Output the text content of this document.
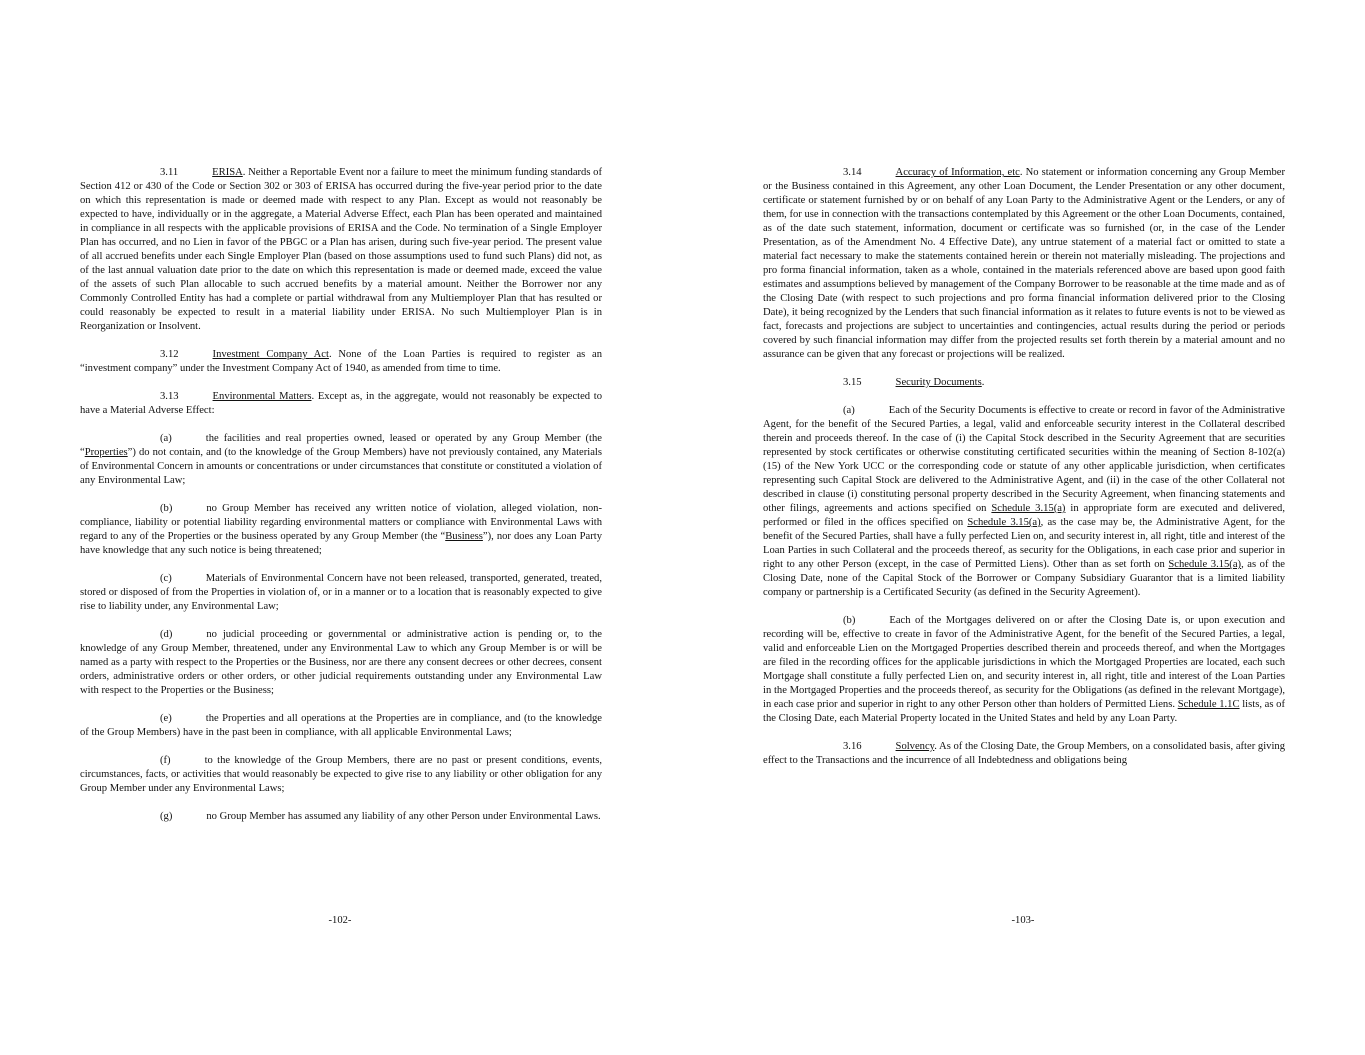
3.11	ERISA. Neither a Reportable Event nor a failure to meet the minimum funding standards of Section 412 or 430 of the Code or Section 302 or 303 of ERISA has occurred during the five-year period prior to the date on which this representation is made or deemed made with respect to any Plan. Except as would not reasonably be expected to have, individually or in the aggregate, a Material Adverse Effect, each Plan has been operated and maintained in compliance in all respects with the applicable provisions of ERISA and the Code. No termination of a Single Employer Plan has occurred, and no Lien in favor of the PBGC or a Plan has arisen, during such five-year period. The present value of all accrued benefits under each Single Employer Plan (based on those assumptions used to fund such Plans) did not, as of the last annual valuation date prior to the date on which this representation is made or deemed made, exceed the value of the assets of such Plan allocable to such accrued benefits by a material amount. Neither the Borrower nor any Commonly Controlled Entity has had a complete or partial withdrawal from any Multiemployer Plan that has resulted or could reasonably be expected to result in a material liability under ERISA. No such Multiemployer Plan is in Reorganization or Insolvent.

3.12	Investment Company Act. None of the Loan Parties is required to register as an “investment company” under the Investment Company Act of 1940, as amended from time to time.

3.13	Environmental Matters. Except as, in the aggregate, would not reasonably be expected to have a Material Adverse Effect:

(a)	the facilities and real properties owned, leased or operated by any Group Member (the “Properties”) do not contain, and (to the knowledge of the Group Members) have not previously contained, any Materials of Environmental Concern in amounts or concentrations or under circumstances that constitute or constituted a violation of any Environmental Law;

(b)	no Group Member has received any written notice of violation, alleged violation, non-compliance, liability or potential liability regarding environmental matters or compliance with Environmental Laws with regard to any of the Properties or the business operated by any Group Member (the “Business”), nor does any Loan Party have knowledge that any such notice is being threatened;

(c)	Materials of Environmental Concern have not been released, transported, generated, treated, stored or disposed of from the Properties in violation of, or in a manner or to a location that is reasonably expected to give rise to liability under, any Environmental Law;

(d)	no judicial proceeding or governmental or administrative action is pending or, to the knowledge of any Group Member, threatened, under any Environmental Law to which any Group Member is or will be named as a party with respect to the Properties or the Business, nor are there any consent decrees or other decrees, consent orders, administrative orders or other orders, or other judicial requirements outstanding under any Environmental Law with respect to the Properties or the Business;

(e)	the Properties and all operations at the Properties are in compliance, and (to the knowledge of the Group Members) have in the past been in compliance, with all applicable Environmental Laws;

(f)	to the knowledge of the Group Members, there are no past or present conditions, events, circumstances, facts, or activities that would reasonably be expected to give rise to any liability or other obligation for any Group Member under any Environmental Laws;

(g)	no Group Member has assumed any liability of any other Person under Environmental Laws.

3.14	Accuracy of Information, etc. No statement or information concerning any Group Member or the Business contained in this Agreement, any other Loan Document, the Lender Presentation or any other document, certificate or statement furnished by or on behalf of any Loan Party to the Administrative Agent or the Lenders, or any of them, for use in connection with the transactions contemplated by this Agreement or the other Loan Documents, contained, as of the date such statement, information, document or certificate was so furnished (or, in the case of the Lender Presentation, as of the Amendment No. 4 Effective Date), any untrue statement of a material fact or omitted to state a material fact necessary to make the statements contained herein or therein not materially misleading. The projections and pro forma financial information, taken as a whole, contained in the materials referenced above are based upon good faith estimates and assumptions believed by management of the Company Borrower to be reasonable at the time made and as of the Closing Date (with respect to such projections and pro forma financial information delivered prior to the Closing Date), it being recognized by the Lenders that such financial information as it relates to future events is not to be viewed as fact, forecasts and projections are subject to uncertainties and contingencies, actual results during the period or periods covered by such financial information may differ from the projected results set forth therein by a material amount and no assurance can be given that any forecast or projections will be realized.

3.15	Security Documents.

(a)	Each of the Security Documents is effective to create or record in favor of the Administrative Agent, for the benefit of the Secured Parties, a legal, valid and enforceable security interest in the Collateral described therein and proceeds thereof. In the case of (i) the Capital Stock described in the Security Agreement that are securities represented by stock certificates or otherwise constituting certificated securities within the meaning of Section 8-102(a)(15) of the New York UCC or the corresponding code or statute of any other applicable jurisdiction, when certificates representing such Capital Stock are delivered to the Administrative Agent, and (ii) in the case of the other Collateral not described in clause (i) constituting personal property described in the Security Agreement, when financing statements and other filings, agreements and actions specified on Schedule 3.15(a) in appropriate form are executed and delivered, performed or filed in the offices specified on Schedule 3.15(a), as the case may be, the Administrative Agent, for the benefit of the Secured Parties, shall have a fully perfected Lien on, and security interest in, all right, title and interest of the Loan Parties in such Collateral and the proceeds thereof, as security for the Obligations, in each case prior and superior in right to any other Person (except, in the case of Permitted Liens). Other than as set forth on Schedule 3.15(a), as of the Closing Date, none of the Capital Stock of the Borrower or Company Subsidiary Guarantor that is a limited liability company or partnership is a Certificated Security (as defined in the Security Agreement).

(b)	Each of the Mortgages delivered on or after the Closing Date is, or upon execution and recording will be, effective to create in favor of the Administrative Agent, for the benefit of the Secured Parties, a legal, valid and enforceable Lien on the Mortgaged Properties described therein and proceeds thereof, and when the Mortgages are filed in the recording offices for the applicable jurisdictions in which the Mortgaged Properties are located, each such Mortgage shall constitute a fully perfected Lien on, and security interest in, all right, title and interest of the Loan Parties in the Mortgaged Properties and the proceeds thereof, as security for the Obligations (as defined in the relevant Mortgage), in each case prior and superior in right to any other Person other than holders of Permitted Liens. Schedule 1.1C lists, as of the Closing Date, each Material Property located in the United States and held by any Loan Party.

3.16	Solvency. As of the Closing Date, the Group Members, on a consolidated basis, after giving effect to the Transactions and the incurrence of all Indebtedness and obligations being

-102-	-103-
